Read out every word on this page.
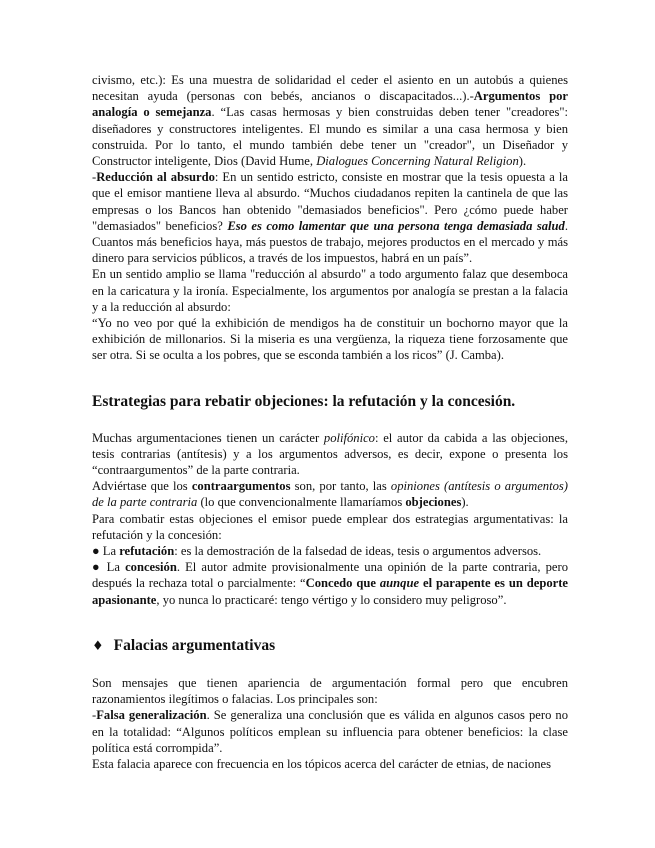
civismo, etc.): Es una muestra de solidaridad el ceder el asiento en un autobús a quienes necesitan ayuda (personas con bebés, ancianos o discapacitados...).-Argumentos por analogía o semejanza. “Las casas hermosas y bien construidas deben tener "creadores": diseñadores y constructores inteligentes. El mundo es similar a una casa hermosa y bien construida. Por lo tanto, el mundo también debe tener un "creador", un Diseñador y Constructor inteligente, Dios (David Hume, Dialogues Concerning Natural Religion).
-Reducción al absurdo: En un sentido estricto, consiste en mostrar que la tesis opuesta a la que el emisor mantiene lleva al absurdo. “Muchos ciudadanos repiten la cantinela de que las empresas o los Bancos han obtenido "demasiados beneficios". Pero ¿cómo puede haber "demasiados" beneficios? Eso es como lamentar que una persona tenga demasiada salud. Cuantos más beneficios haya, más puestos de trabajo, mejores productos en el mercado y más dinero para servicios públicos, a través de los impuestos, habrá en un país”.
En un sentido amplio se llama "reducción al absurdo" a todo argumento falaz que desemboca en la caricatura y la ironía. Especialmente, los argumentos por analogía se prestan a la falacia y a la reducción al absurdo:
“Yo no veo por qué la exhibición de mendigos ha de constituir un bochorno mayor que la exhibición de millonarios. Si la miseria es una vergüenza, la riqueza tiene forzosamente que ser otra. Si se oculta a los pobres, que se esconda también a los ricos” (J. Camba).
Estrategias para rebatir objeciones: la refutación y la concesión.
Muchas argumentaciones tienen un carácter polifónico: el autor da cabida a las objeciones, tesis contrarias (antítesis) y a los argumentos adversos, es decir, expone o presenta los “contraargumentos” de la parte contraria.
Adviértase que los contraargumentos son, por tanto, las opiniones (antítesis o argumentos) de la parte contraria (lo que convencionalmente llamaríamos objeciones).
Para combatir estas objeciones el emisor puede emplear dos estrategias argumentativas: la refutación y la concesión:
● La refutación: es la demostración de la falsedad de ideas, tesis o argumentos adversos.
● La concesión. El autor admite provisionalmente una opinión de la parte contraria, pero después la rechaza total o parcialmente: “Concedo que aunque el parapente es un deporte apasionante, yo nunca lo practicaré: tengo vértigo y lo considero muy peligroso”.
♦ Falacias argumentativas
Son mensajes que tienen apariencia de argumentación formal pero que encubren razonamientos ilegítimos o falacias. Los principales son:
-Falsa generalización. Se generaliza una conclusión que es válida en algunos casos pero no en la totalidad: “Algunos políticos emplean su influencia para obtener beneficios: la clase política está corrompida”.
Esta falacia aparece con frecuencia en los tópicos acerca del carácter de etnias, de naciones
